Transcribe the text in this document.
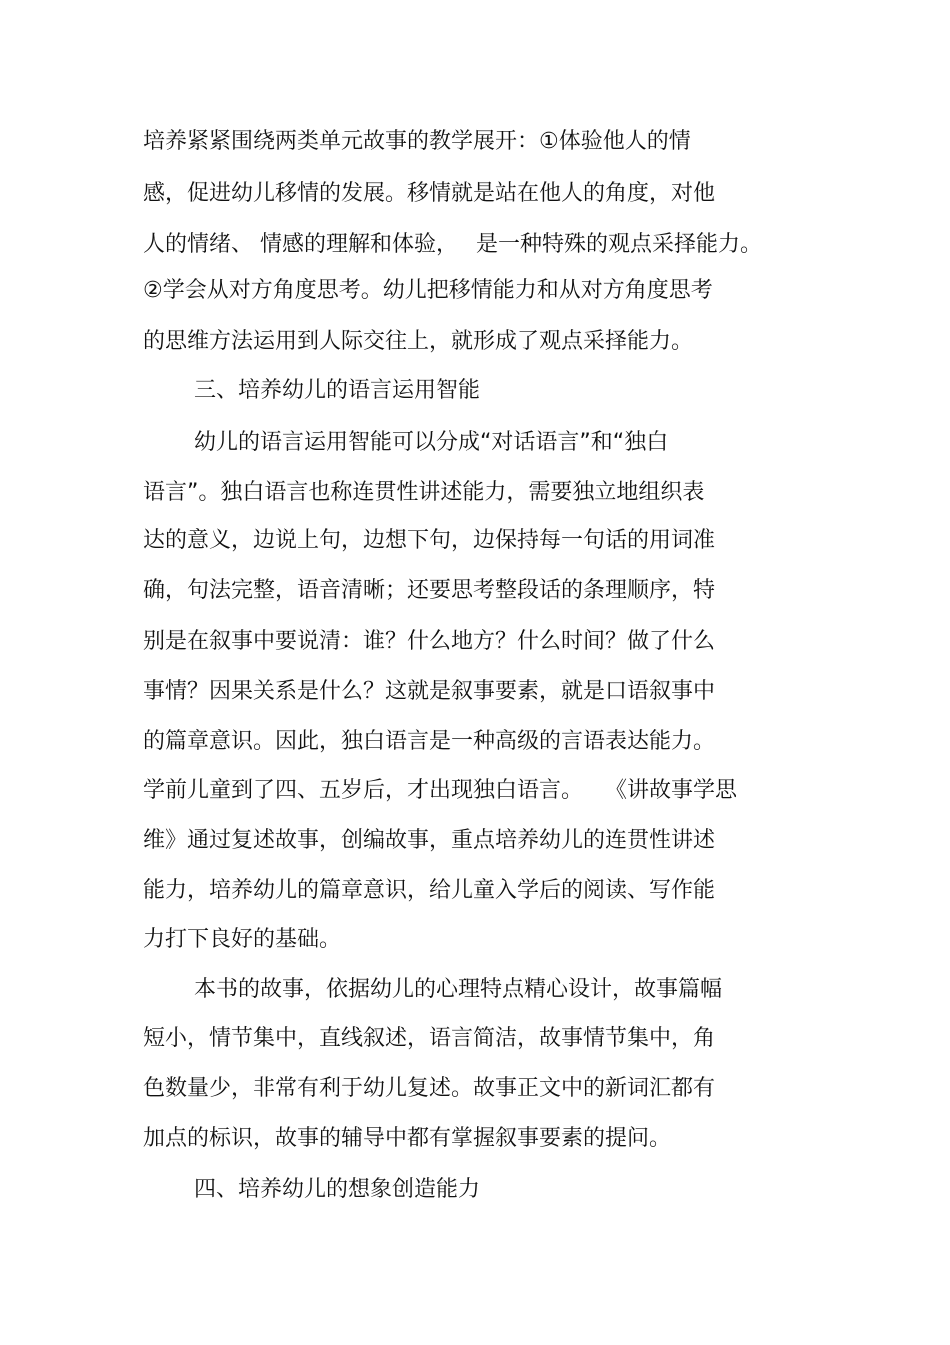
培养紧紧围绕两类单元故事的教学展开：①体验他人的情
感，促进幼儿移情的发展。移情就是站在他人的角度，对他
人的情绪、 情感的理解和体验，　 是一种特殊的观点采择能力。
②学会从对方角度思考。幼儿把移情能力和从对方角度思考
的思维方法运用到人际交往上，就形成了观点采择能力。
三、培养幼儿的语言运用智能
幼儿的语言运用智能可以分成“对话语言”和“独白
语言”。独白语言也称连贯性讲述能力，需要独立地组织表
达的意义，边说上句，边想下句，边保持每一句话的用词准
确，句法完整，语音清晰；还要思考整段话的条理顺序，特
别是在叙事中要说清：谁？什么地方？什么时间？做了什么
事情？因果关系是什么？这就是叙事要素，就是口语叙事中
的篇章意识。因此，独白语言是一种高级的言语表达能力。
学前儿童到了四、五岁后，才出现独白语言。　　《讲故事学思
维》通过复述故事，创编故事，重点培养幼儿的连贯性讲述
能力，培养幼儿的篇章意识，给儿童入学后的阅读、写作能
力打下良好的基础。
本书的故事，依据幼儿的心理特点精心设计，故事篇幅
短小，情节集中，直线叙述，语言简洁，故事情节集中，角
色数量少，非常有利于幼儿复述。故事正文中的新词汇都有
加点的标识，故事的辅导中都有掌握叙事要素的提问。
四、培养幼儿的想象创造能力
